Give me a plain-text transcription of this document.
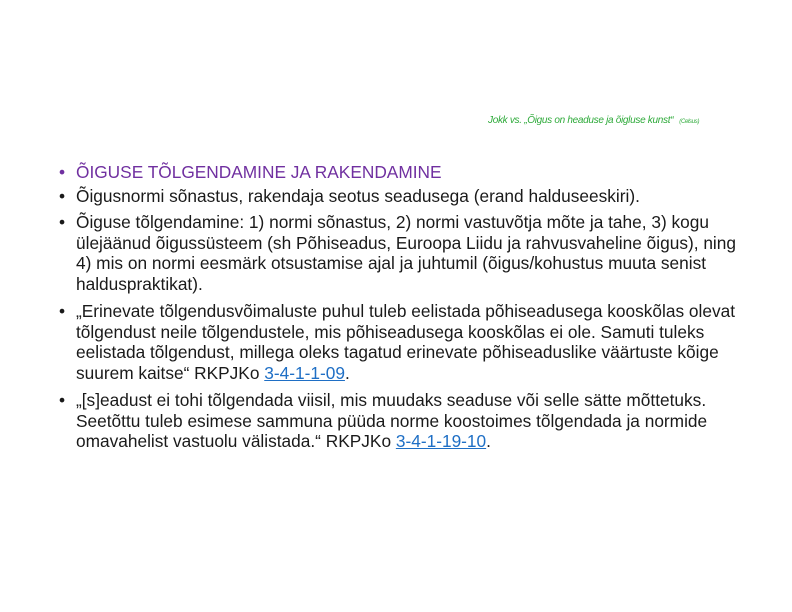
Jokk vs. „Õigus on headuse ja õigluse kunst“ (Celsus)
• ÕIGUSE TÕLGENDAMINE JA RAKENDAMINE
• Õigusnormi sõnastus, rakendaja seotus seadusega (erand halduseeskiri).
• Õiguse tõlgendamine: 1) normi sõnastus, 2) normi vastuvõtja mõte ja tahe, 3) kogu ülejäänud õigussüsteem (sh Põhiseadus, Euroopa Liidu ja rahvusvaheline õigus), ning 4) mis on normi eesmärk otsustamise ajal ja juhtumil (õigus/kohustus muuta senist halduspraktikat).
• „Erinevate tõlgendusvõimaluste puhul tuleb eelistada põhiseadusega kooskõlas olevat tõlgendust neile tõlgendustele, mis põhiseadusega kooskõlas ei ole. Samuti tuleks eelistada tõlgendust, millega oleks tagatud erinevate põhiseaduslike väärtuste kõige suurem kaitse“ RKPJKo 3-4-1-1-09.
• „[s]eadust ei tohi tõlgendada viisil, mis muudaks seaduse või selle sätte mõttetuks. Seetõttu tuleb esimese sammuna püüda norme koostoimes tõlgendada ja normide omavahelist vastuolu välistada.“ RKPJKo 3-4-1-19-10.
